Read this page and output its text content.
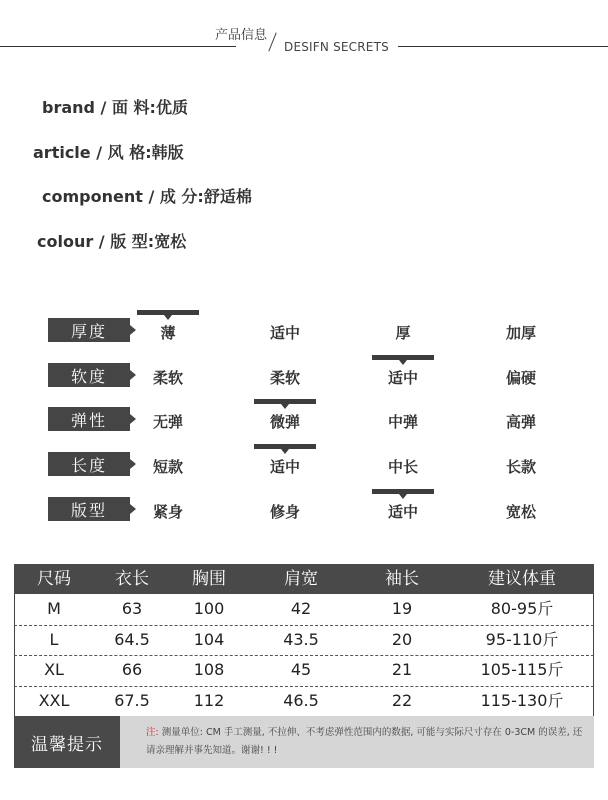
产品信息
DESIFN SECRETS
brand / 面 料:优质
article / 风 格:韩版
component / 成 分:舒适棉
colour / 版 型:宽松
厚度	薄	适中	厚	加厚
软度	柔软	柔软	适中	偏硬
弹性	无弹	微弹	中弹	高弹
长度	短款	适中	中长	长款
版型	紧身	修身	适中	宽松
尺码	衣长	胸围	肩宽	袖长	建议体重
M	63	100	42	19	80-95斤
L	64.5	104	43.5	20	95-110斤
XL	66	108	45	21	105-115斤
XXL	67.5	112	46.5	22	115-130斤
温馨提示
注: 测量单位: CM 手工测量, 不拉伸、不考虑弹性范围内的数据, 可能与实际尺寸存在 0-3CM 的误差, 还请亲理解并事先知道。谢谢! ! !
